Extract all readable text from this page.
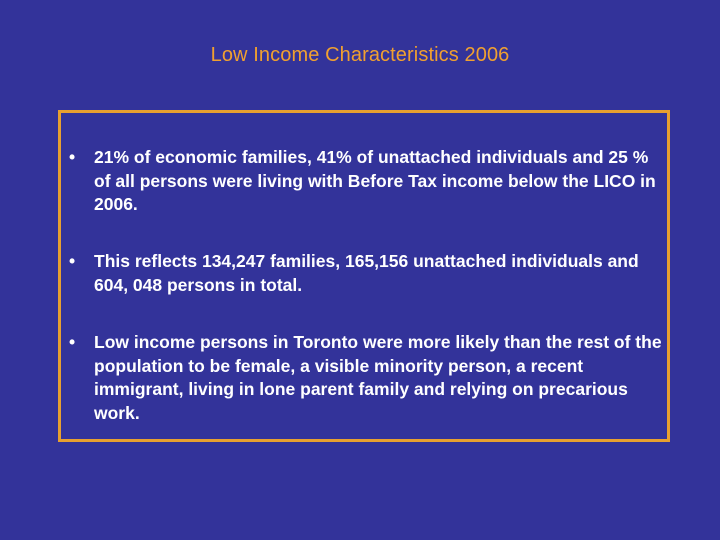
Low Income Characteristics 2006
•	21% of economic families, 41% of unattached individuals and 25 % of all persons were living with Before Tax income below the LICO in 2006.
•	This reflects 134,247 families, 165,156 unattached individuals and 604, 048 persons in total.
•	Low income persons in Toronto were more likely than the rest of the population to be female, a visible minority person, a recent immigrant, living in lone parent family and relying on precarious work.
